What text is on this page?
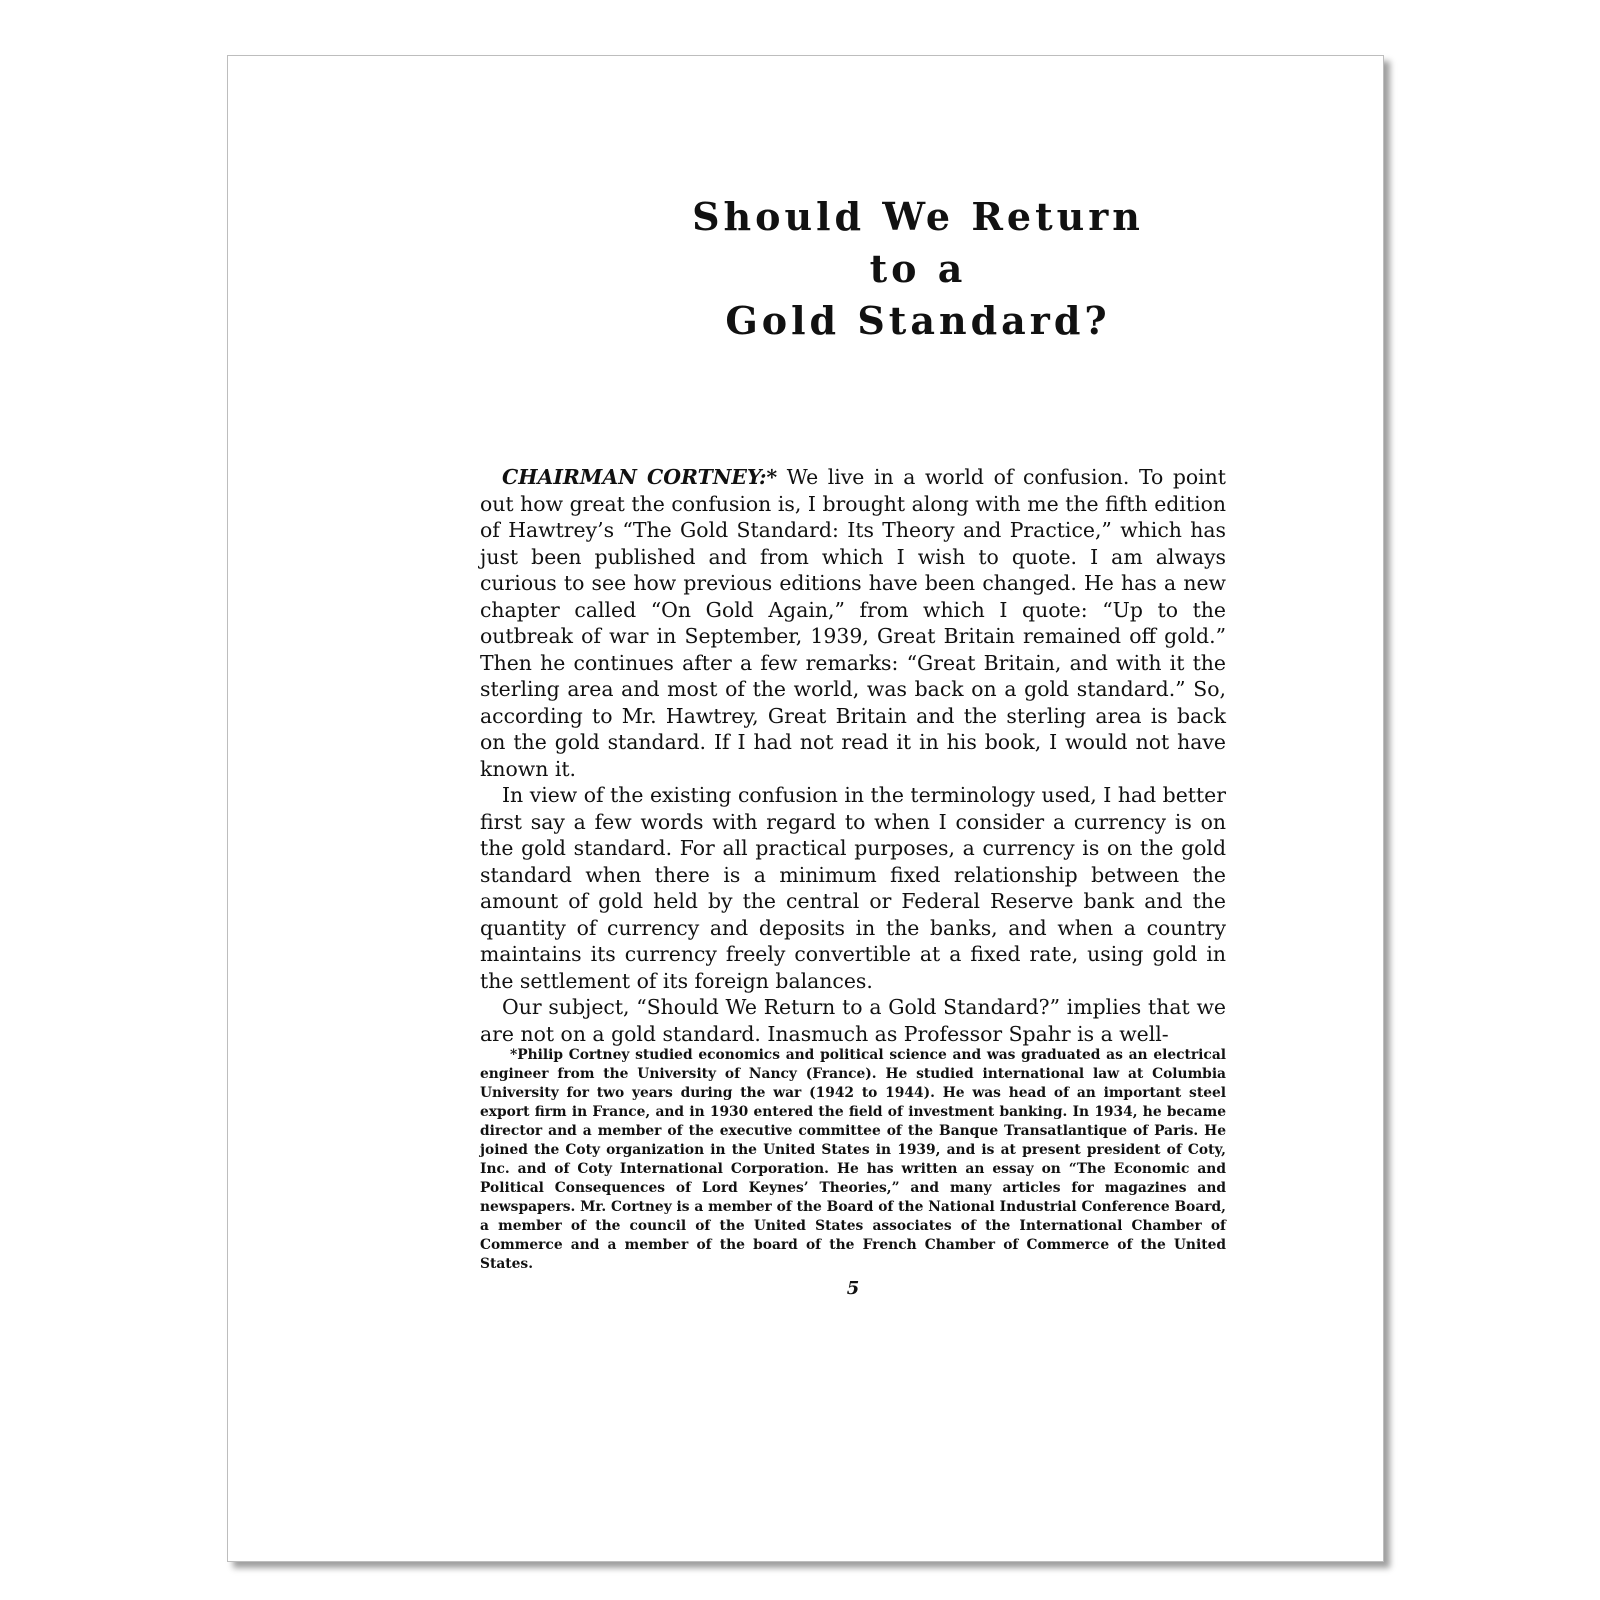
Should We Return
to a
Gold Standard?

CHAIRMAN CORTNEY:* We live in a world of confusion. To point out how great the confusion is, I brought along with me the fifth edition of Hawtrey’s “The Gold Standard: Its Theory and Practice,” which has just been published and from which I wish to quote. I am always curious to see how previous editions have been changed. He has a new chapter called “On Gold Again,” from which I quote: “Up to the outbreak of war in September, 1939, Great Britain remained off gold.” Then he continues after a few remarks: “Great Britain, and with it the sterling area and most of the world, was back on a gold standard.” So, according to Mr. Hawtrey, Great Britain and the sterling area is back on the gold standard. If I had not read it in his book, I would not have known it.

In view of the existing confusion in the terminology used, I had better first say a few words with regard to when I consider a currency is on the gold standard. For all practical purposes, a currency is on the gold standard when there is a minimum fixed relationship between the amount of gold held by the central or Federal Reserve bank and the quantity of currency and deposits in the banks, and when a country maintains its currency freely convertible at a fixed rate, using gold in the settlement of its foreign balances.

Our subject, “Should We Return to a Gold Standard?” implies that we are not on a gold standard. Inasmuch as Professor Spahr is a well-

*Philip Cortney studied economics and political science and was graduated as an electrical engineer from the University of Nancy (France). He studied international law at Columbia University for two years during the war (1942 to 1944). He was head of an important steel export firm in France, and in 1930 entered the field of investment banking. In 1934, he became director and a member of the executive committee of the Banque Transatlantique of Paris. He joined the Coty organization in the United States in 1939, and is at present president of Coty, Inc. and of Coty International Corporation. He has written an essay on “The Economic and Political Consequences of Lord Keynes’ Theories,” and many articles for magazines and newspapers. Mr. Cortney is a member of the Board of the National Industrial Conference Board, a member of the council of the United States associates of the International Chamber of Commerce and a member of the board of the French Chamber of Commerce of the United States.
5
